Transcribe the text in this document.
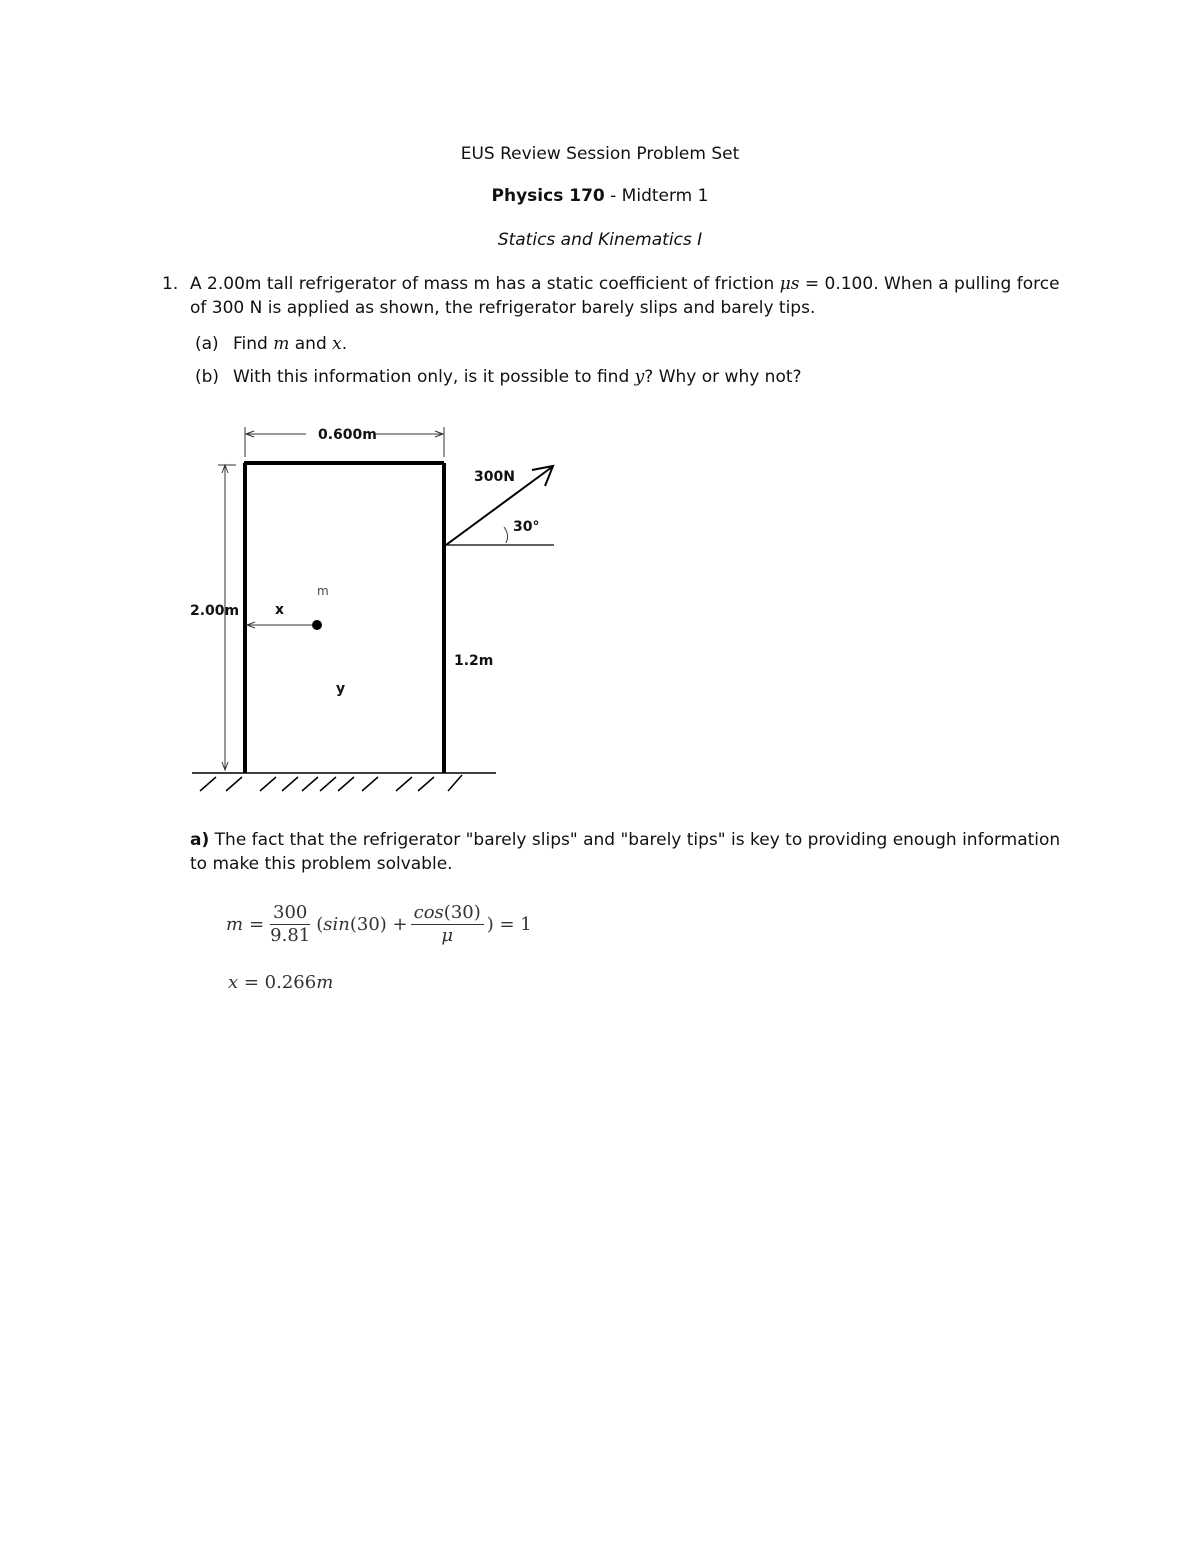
EUS Review Session Problem Set
Physics 170 - Midterm 1
Statics and Kinematics I
1. A 2.00m tall refrigerator of mass m has a static coefficient of friction μs = 0.100. When a pulling force of 300 N is applied as shown, the refrigerator barely slips and barely tips.
(a) Find m and x.
(b) With this information only, is it possible to find y? Why or why not?
0.600m
2.00m
300N
30°
x
m
1.2m
y
a) The fact that the refrigerator "barely slips" and "barely tips" is key to providing enough information to make this problem solvable.
$m = \frac{300}{9.81}$ ( $\sin (30) + \frac{\cos(30)}{\mu}$ ) = 1
x = 0.266m
